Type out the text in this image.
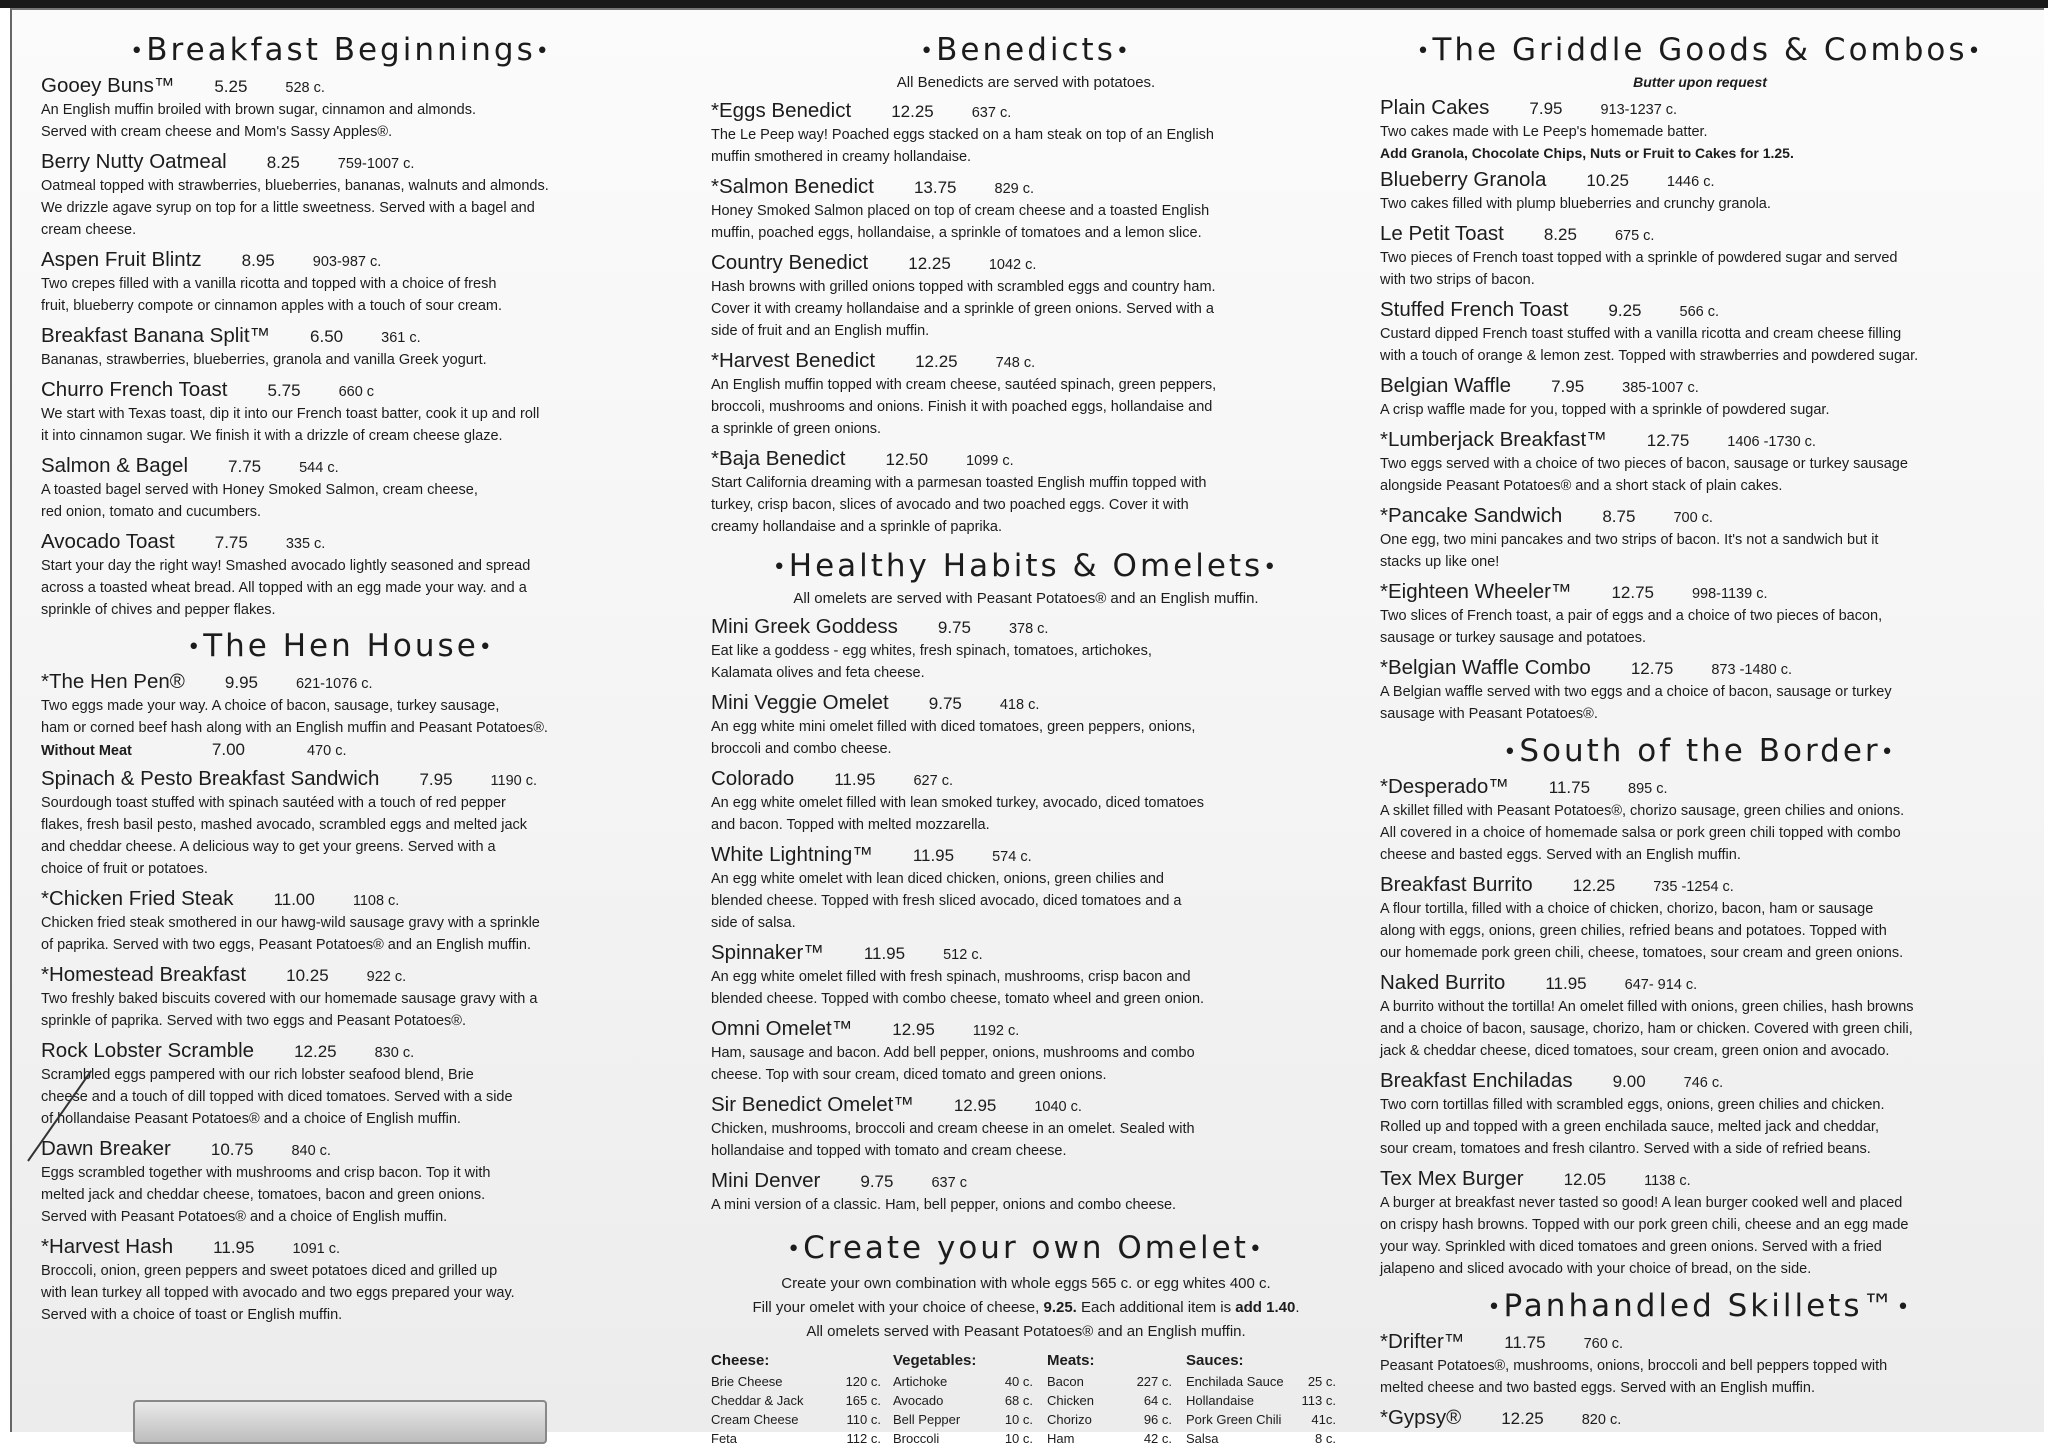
•Breakfast Beginnings•
Gooey Buns™ 5.25	528 c.
An English muffin broiled with brown sugar, cinnamon and almonds.
Served with cream cheese and Mom's Sassy Apples®.
Berry Nutty Oatmeal 8.25	759-1007 c.
Oatmeal topped with strawberries, blueberries, bananas, walnuts and almonds.
We drizzle agave syrup on top for a little sweetness. Served with a bagel and
cream cheese.
Aspen Fruit Blintz 8.95	903-987 c.
Two crepes filled with a vanilla ricotta and topped with a choice of fresh
fruit, blueberry compote or cinnamon apples with a touch of sour cream.
Breakfast Banana Split™ 6.50	361 c.
Bananas, strawberries, blueberries, granola and vanilla Greek yogurt.
Churro French Toast 5.75	660 c
We start with Texas toast, dip it into our French toast batter, cook it up and roll
it into cinnamon sugar. We finish it with a drizzle of cream cheese glaze.
Salmon & Bagel 7.75	544 c.
A toasted bagel served with Honey Smoked Salmon, cream cheese,
red onion, tomato and cucumbers.
Avocado Toast 7.75	335 c.
Start your day the right way! Smashed avocado lightly seasoned and spread
across a toasted wheat bread. All topped with an egg made your way. and a
sprinkle of chives and pepper flakes.
•The Hen House•
*The Hen Pen® 9.95	621-1076 c.
Two eggs made your way. A choice of bacon, sausage, turkey sausage,
ham or corned beef hash along with an English muffin and Peasant Potatoes®.
Without Meat	7.00	470 c.
Spinach & Pesto Breakfast Sandwich 7.95	1190 c.
Sourdough toast stuffed with spinach sautéed with a touch of red pepper
flakes, fresh basil pesto, mashed avocado, scrambled eggs and melted jack
and cheddar cheese. A delicious way to get your greens. Served with a
choice of fruit or potatoes.
*Chicken Fried Steak 11.00	1108 c.
Chicken fried steak smothered in our hawg-wild sausage gravy with a sprinkle
of paprika. Served with two eggs, Peasant Potatoes® and an English muffin.
*Homestead Breakfast 10.25	922 c.
Two freshly baked biscuits covered with our homemade sausage gravy with a
sprinkle of paprika. Served with two eggs and Peasant Potatoes®.
Rock Lobster Scramble 12.25	830 c.
Scrambled eggs pampered with our rich lobster seafood blend, Brie
cheese and a touch of dill topped with diced tomatoes. Served with a side
of hollandaise Peasant Potatoes® and a choice of English muffin.
Dawn Breaker 10.75	840 c.
Eggs scrambled together with mushrooms and crisp bacon. Top it with
melted jack and cheddar cheese, tomatoes, bacon and green onions.
Served with Peasant Potatoes® and a choice of English muffin.
*Harvest Hash 11.95	1091 c.
Broccoli, onion, green peppers and sweet potatoes diced and grilled up
with lean turkey all topped with avocado and two eggs prepared your way.
Served with a choice of toast or English muffin.
•Benedicts•
All Benedicts are served with potatoes.
*Eggs Benedict 12.25	637 c.
The Le Peep way! Poached eggs stacked on a ham steak on top of an English
muffin smothered in creamy hollandaise.
*Salmon Benedict 13.75	829 c.
Honey Smoked Salmon placed on top of cream cheese and a toasted English
muffin, poached eggs, hollandaise, a sprinkle of tomatoes and a lemon slice.
Country Benedict 12.25	1042 c.
Hash browns with grilled onions topped with scrambled eggs and country ham.
Cover it with creamy hollandaise and a sprinkle of green onions. Served with a
side of fruit and an English muffin.
*Harvest Benedict 12.25	748 c.
An English muffin topped with cream cheese, sautéed spinach, green peppers,
broccoli, mushrooms and onions. Finish it with poached eggs, hollandaise and
a sprinkle of green onions.
*Baja Benedict 12.50	1099 c.
Start California dreaming with a parmesan toasted English muffin topped with
turkey, crisp bacon, slices of avocado and two poached eggs. Cover it with
creamy hollandaise and a sprinkle of paprika.
•Healthy Habits & Omelets•
All omelets are served with Peasant Potatoes® and an English muffin.
Mini Greek Goddess 9.75	378 c.
Eat like a goddess - egg whites, fresh spinach, tomatoes, artichokes,
Kalamata olives and feta cheese.
Mini Veggie Omelet 9.75	418 c.
An egg white mini omelet filled with diced tomatoes, green peppers, onions,
broccoli and combo cheese.
Colorado 11.95	627 c.
An egg white omelet filled with lean smoked turkey, avocado, diced tomatoes
and bacon. Topped with melted mozzarella.
White Lightning™ 11.95	574 c.
An egg white omelet with lean diced chicken, onions, green chilies and
blended cheese. Topped with fresh sliced avocado, diced tomatoes and a
side of salsa.
Spinnaker™ 11.95	512 c.
An egg white omelet filled with fresh spinach, mushrooms, crisp bacon and
blended cheese. Topped with combo cheese, tomato wheel and green onion.
Omni Omelet™ 12.95	1192 c.
Ham, sausage and bacon. Add bell pepper, onions, mushrooms and combo
cheese. Top with sour cream, diced tomato and green onions.
Sir Benedict Omelet™ 12.95	1040 c.
Chicken, mushrooms, broccoli and cream cheese in an omelet. Sealed with
hollandaise and topped with tomato and cream cheese.
Mini Denver 9.75	637 c
A mini version of a classic. Ham, bell pepper, onions and combo cheese.
•Create your own Omelet•
Create your own combination with whole eggs 565 c. or egg whites 400 c.
Fill your omelet with your choice of cheese, 9.25. Each additional item is add 1.40.
All omelets served with Peasant Potatoes® and an English muffin.
Cheese:
Brie Cheese	120 c.
Cheddar & Jack	165 c.
Cream Cheese	110 c.
Feta	112 c.
Vegetables:
Artichoke	40 c.
Avocado	68 c.
Bell Pepper	10 c.
Broccoli	10 c.
Meats:
Bacon	227 c.
Chicken	64 c.
Chorizo	96 c.
Ham	42 c.
Sauces:
Enchilada Sauce 25 c.
Hollandaise	113 c.
Pork Green Chili 41c.
Salsa	8 c.
•The Griddle Goods & Combos•
Butter upon request
Plain Cakes 7.95	913-1237 c.
Two cakes made with Le Peep's homemade batter.
Add Granola, Chocolate Chips, Nuts or Fruit to Cakes for 1.25.
Blueberry Granola 10.25	1446 c.
Two cakes filled with plump blueberries and crunchy granola.
Le Petit Toast 8.25	675 c.
Two pieces of French toast topped with a sprinkle of powdered sugar and served
with two strips of bacon.
Stuffed French Toast 9.25	566 c.
Custard dipped French toast stuffed with a vanilla ricotta and cream cheese filling
with a touch of orange & lemon zest. Topped with strawberries and powdered sugar.
Belgian Waffle 7.95	385-1007 c.
A crisp waffle made for you, topped with a sprinkle of powdered sugar.
*Lumberjack Breakfast™ 12.75	1406 -1730 c.
Two eggs served with a choice of two pieces of bacon, sausage or turkey sausage
alongside Peasant Potatoes® and a short stack of plain cakes.
*Pancake Sandwich 8.75	700 c.
One egg, two mini pancakes and two strips of bacon. It's not a sandwich but it
stacks up like one!
*Eighteen Wheeler™ 12.75	998-1139 c.
Two slices of French toast, a pair of eggs and a choice of two pieces of bacon,
sausage or turkey sausage and potatoes.
*Belgian Waffle Combo 12.75	873 -1480 c.
A Belgian waffle served with two eggs and a choice of bacon, sausage or turkey
sausage with Peasant Potatoes®.
•South of the Border•
*Desperado™ 11.75	895 c.
A skillet filled with Peasant Potatoes®, chorizo sausage, green chilies and onions.
All covered in a choice of homemade salsa or pork green chili topped with combo
cheese and basted eggs. Served with an English muffin.
Breakfast Burrito 12.25	735 -1254 c.
A flour tortilla, filled with a choice of chicken, chorizo, bacon, ham or sausage
along with eggs, onions, green chilies, refried beans and potatoes. Topped with
our homemade pork green chili, cheese, tomatoes, sour cream and green onions.
Naked Burrito 11.95	647- 914 c.
A burrito without the tortilla! An omelet filled with onions, green chilies, hash browns
and a choice of bacon, sausage, chorizo, ham or chicken. Covered with green chili,
jack & cheddar cheese, diced tomatoes, sour cream, green onion and avocado.
Breakfast Enchiladas 9.00	746 c.
Two corn tortillas filled with scrambled eggs, onions, green chilies and chicken.
Rolled up and topped with a green enchilada sauce, melted jack and cheddar,
sour cream, tomatoes and fresh cilantro. Served with a side of refried beans.
Tex Mex Burger 12.05	1138 c.
A burger at breakfast never tasted so good! A lean burger cooked well and placed
on crispy hash browns. Topped with our pork green chili, cheese and an egg made
your way. Sprinkled with diced tomatoes and green onions. Served with a fried
jalapeno and sliced avocado with your choice of bread, on the side.
•Panhandled Skillets™•
*Drifter™ 11.75	760 c.
Peasant Potatoes®, mushrooms, onions, broccoli and bell peppers topped with
melted cheese and two basted eggs. Served with an English muffin.
*Gypsy® 12.25	820 c.
